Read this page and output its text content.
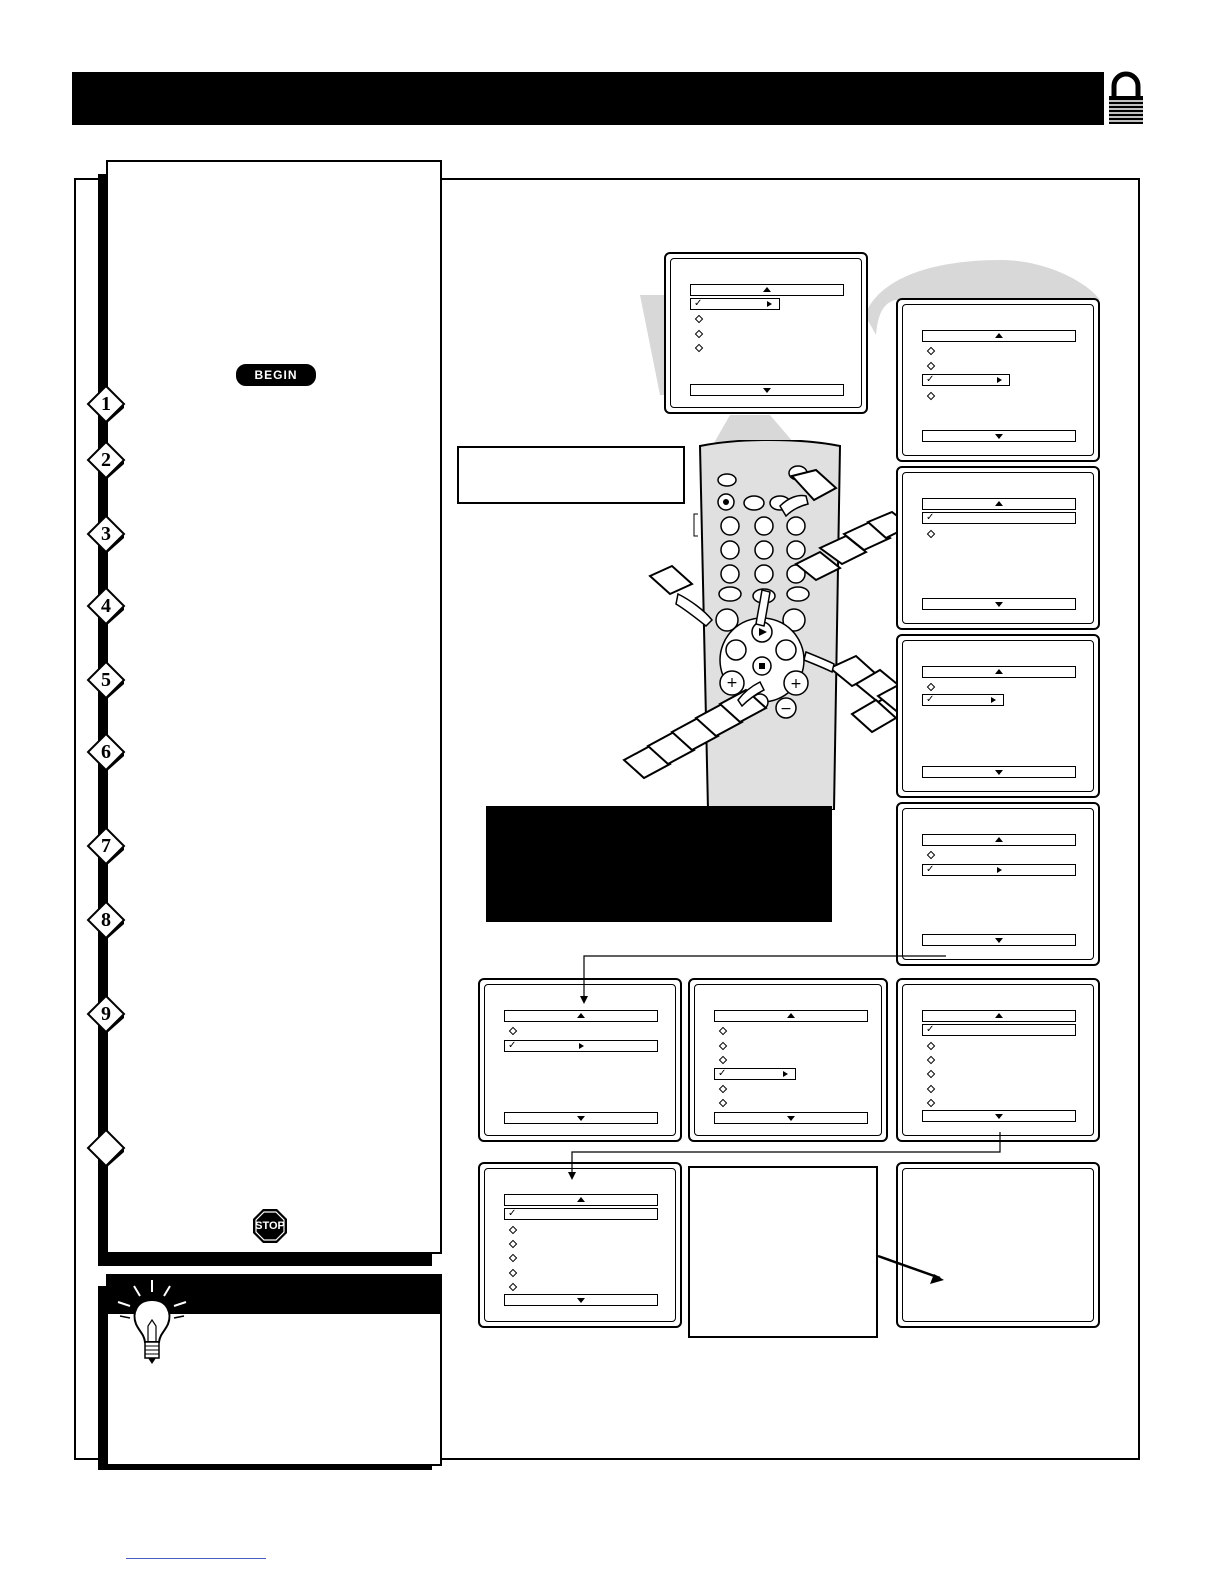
BEGIN
1
2
3
4
5
6
7
8
9
STOP
✓
+	+
−
✓
✓
✓
✓
✓
✓
✓
✓
